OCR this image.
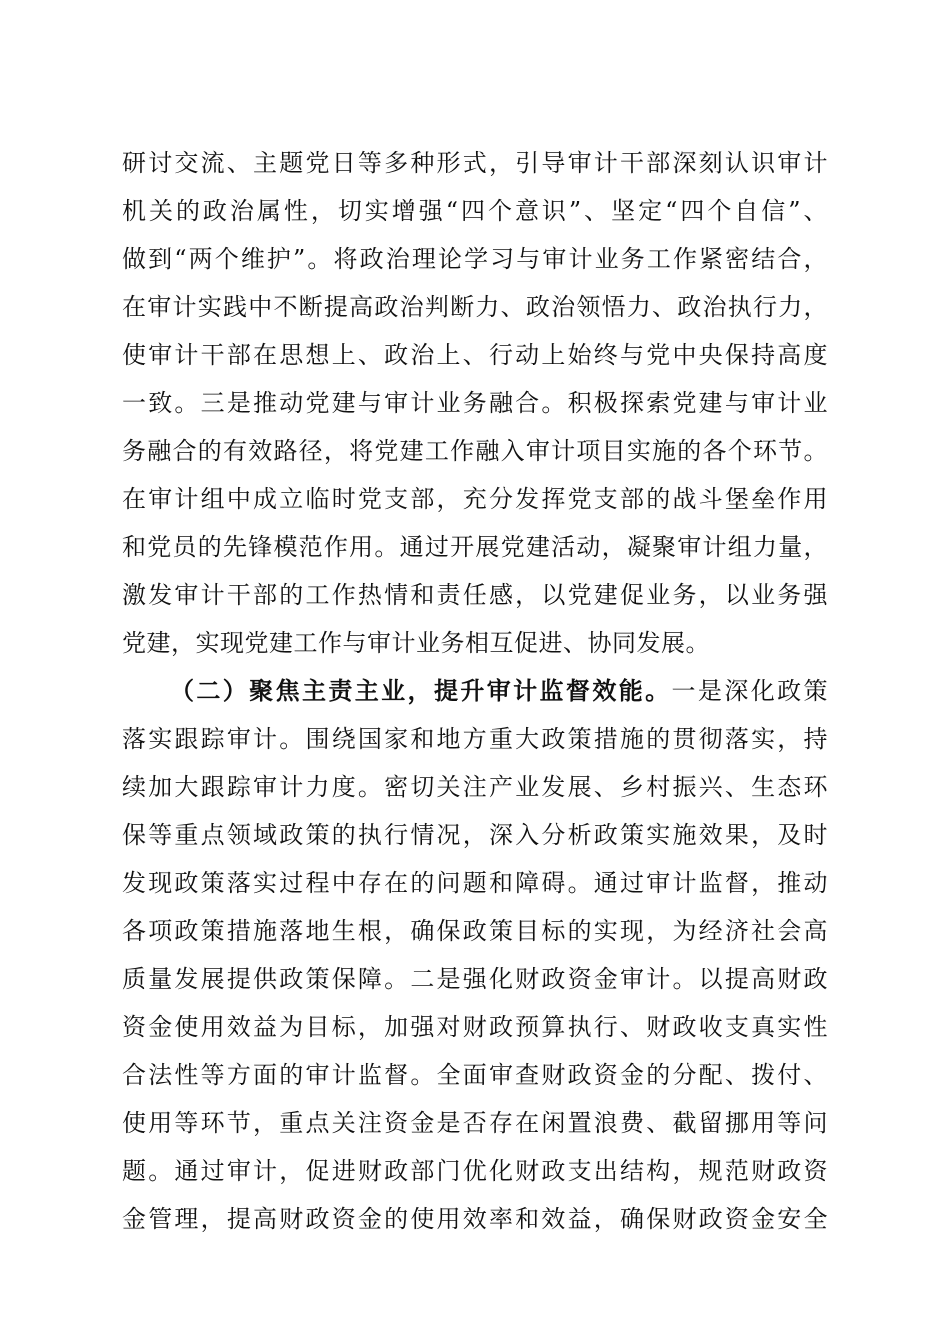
研讨交流、主题党日等多种形式，引导审计干部深刻认识审计
机关的政治属性，切实增强“四个意识”、坚定“四个自信”、
做到“两个维护”。将政治理论学习与审计业务工作紧密结合，
在审计实践中不断提高政治判断力、政治领悟力、政治执行力，
使审计干部在思想上、政治上、行动上始终与党中央保持高度
一致。三是推动党建与审计业务融合。积极探索党建与审计业
务融合的有效路径，将党建工作融入审计项目实施的各个环节。
在审计组中成立临时党支部，充分发挥党支部的战斗堡垒作用
和党员的先锋模范作用。通过开展党建活动，凝聚审计组力量，
激发审计干部的工作热情和责任感，以党建促业务，以业务强
党建，实现党建工作与审计业务相互促进、协同发展。
（二）聚焦主责主业，提升审计监督效能。一是深化政策
落实跟踪审计。围绕国家和地方重大政策措施的贯彻落实，持
续加大跟踪审计力度。密切关注产业发展、乡村振兴、生态环
保等重点领域政策的执行情况，深入分析政策实施效果，及时
发现政策落实过程中存在的问题和障碍。通过审计监督，推动
各项政策措施落地生根，确保政策目标的实现，为经济社会高
质量发展提供政策保障。二是强化财政资金审计。以提高财政
资金使用效益为目标，加强对财政预算执行、财政收支真实性
合法性等方面的审计监督。全面审查财政资金的分配、拨付、
使用等环节，重点关注资金是否存在闲置浪费、截留挪用等问
题。通过审计，促进财政部门优化财政支出结构，规范财政资
金管理，提高财政资金的使用效率和效益，确保财政资金安全
